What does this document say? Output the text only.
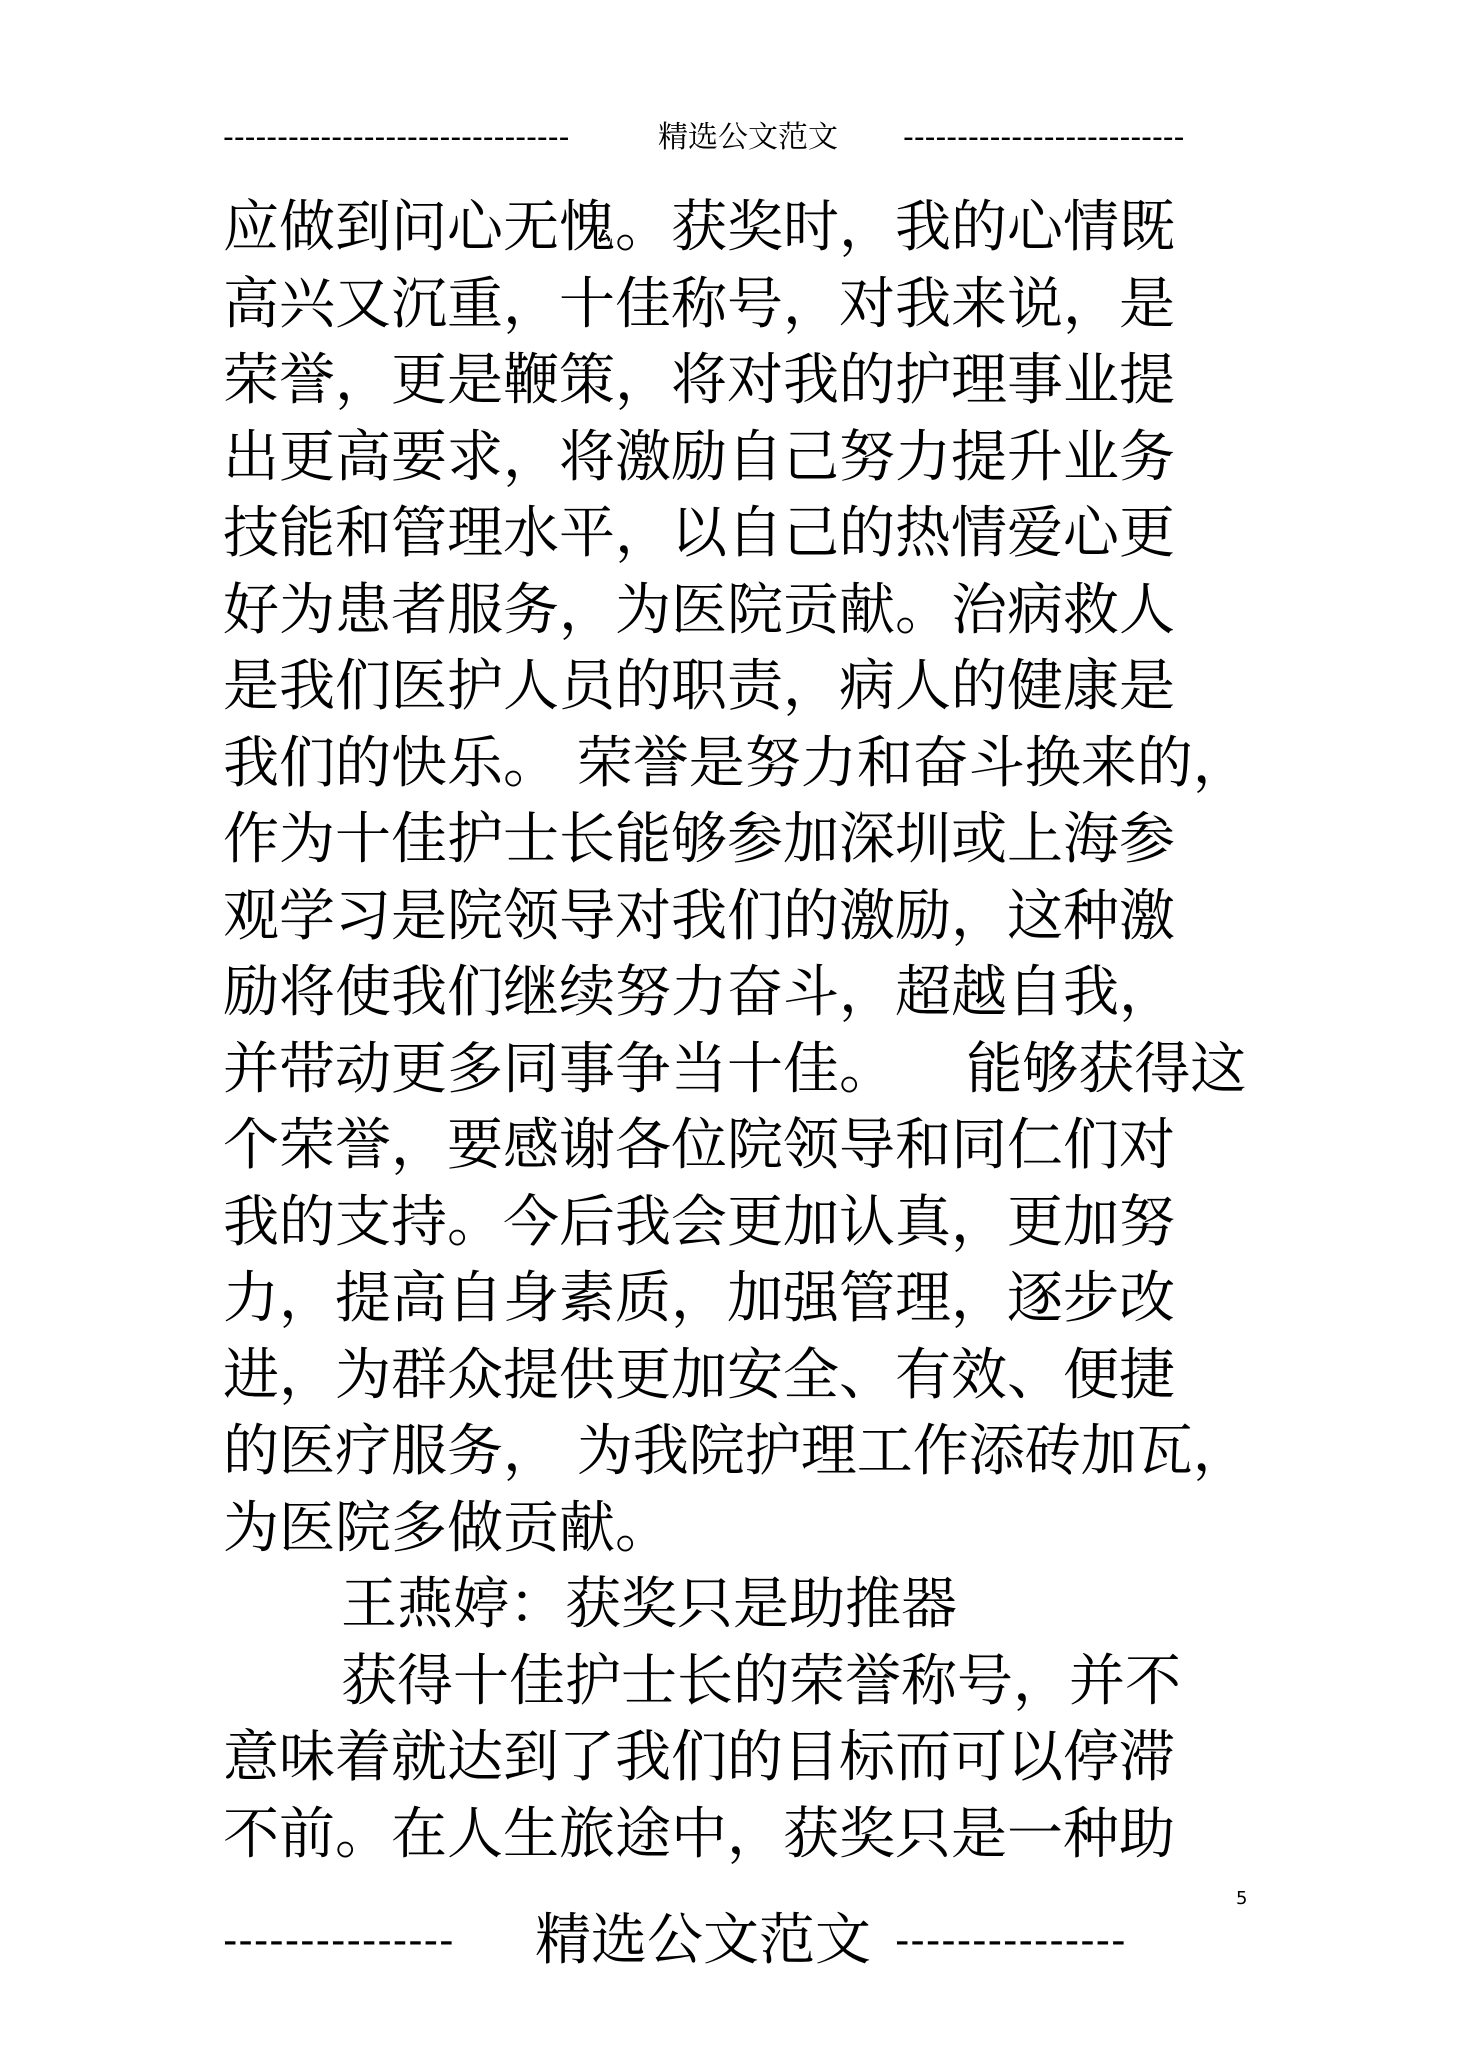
--------------------------------	精选公文范文 --------------------------
应做到问心无愧。获奖时，我的心情既
高兴又沉重，十佳称号，对我来说，是
荣誉，更是鞭策，将对我的护理事业提
出更高要求，将激励自己努力提升业务
技能和管理水平，以自己的热情爱心更
好为患者服务，为医院贡献。治病救人
是我们医护人员的职责，病人的健康是
我们的快乐。 荣誉是努力和奋斗换来的，
作为十佳护士长能够参加深圳或上海参
观学习是院领导对我们的激励，这种激
励将使我们继续努力奋斗，超越自我，
并带动更多同事争当十佳。    能够获得这
个荣誉，要感谢各位院领导和同仁们对
我的支持。今后我会更加认真，更加努
力，提高自身素质，加强管理，逐步改
进，为群众提供更加安全、有效、便捷
的医疗服务， 为我院护理工作添砖加瓦，
为医院多做贡献。
王燕婷：获奖只是助推器
获得十佳护士长的荣誉称号，并不
意味着就达到了我们的目标而可以停滞
不前。在人生旅途中，获奖只是一种助
5
--------------- 精选公文范文 ---------------
